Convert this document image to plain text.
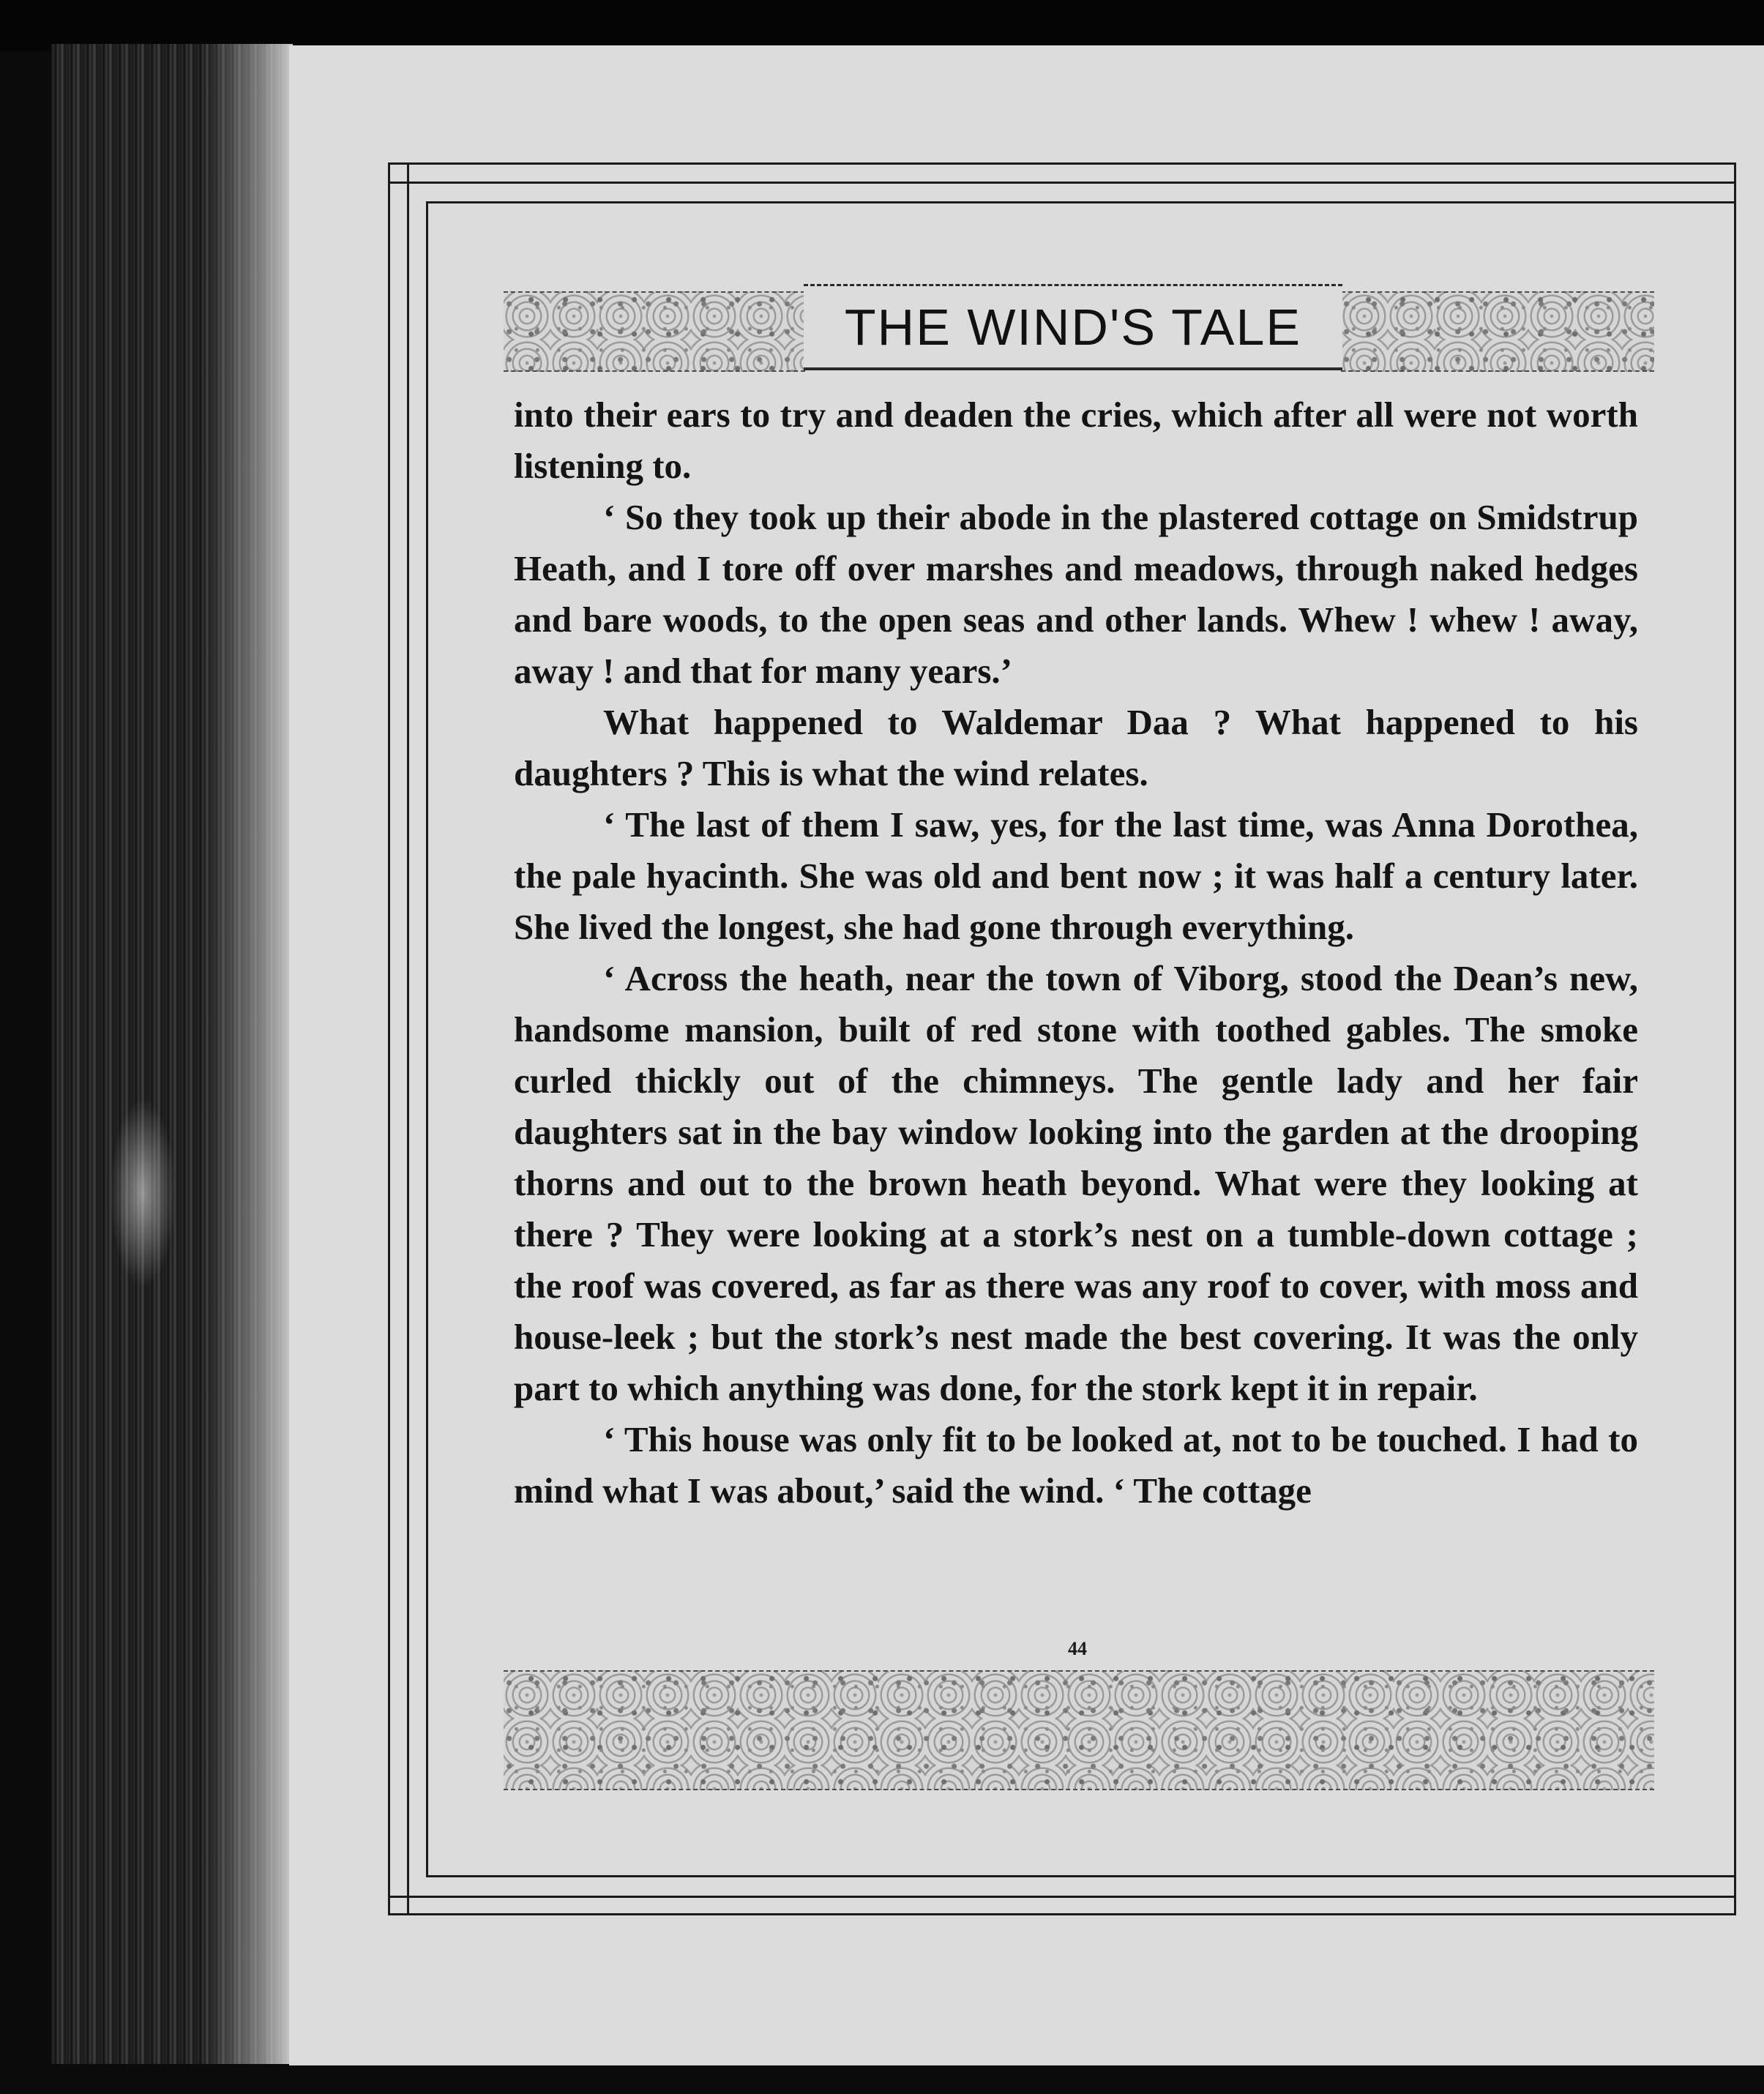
THE WIND'S TALE

into their ears to try and deaden the cries, which after all were not worth listening to.

‘ So they took up their abode in the plastered cottage on Smidstrup Heath, and I tore off over marshes and meadows, through naked hedges and bare woods, to the open seas and other lands. Whew ! whew ! away, away ! and that for many years.’

What happened to Waldemar Daa ? What happened to his daughters ? This is what the wind relates.

‘ The last of them I saw, yes, for the last time, was Anna Dorothea, the pale hyacinth. She was old and bent now ; it was half a century later. She lived the longest, she had gone through everything.

‘ Across the heath, near the town of Viborg, stood the Dean’s new, handsome mansion, built of red stone with toothed gables. The smoke curled thickly out of the chimneys. The gentle lady and her fair daughters sat in the bay window looking into the garden at the drooping thorns and out to the brown heath beyond. What were they looking at there ? They were looking at a stork’s nest on a tumble-down cottage ; the roof was covered, as far as there was any roof to cover, with moss and house-leek ; but the stork’s nest made the best covering. It was the only part to which anything was done, for the stork kept it in repair.

‘ This house was only fit to be looked at, not to be touched. I had to mind what I was about,’ said the wind. ‘ The cottage

44
